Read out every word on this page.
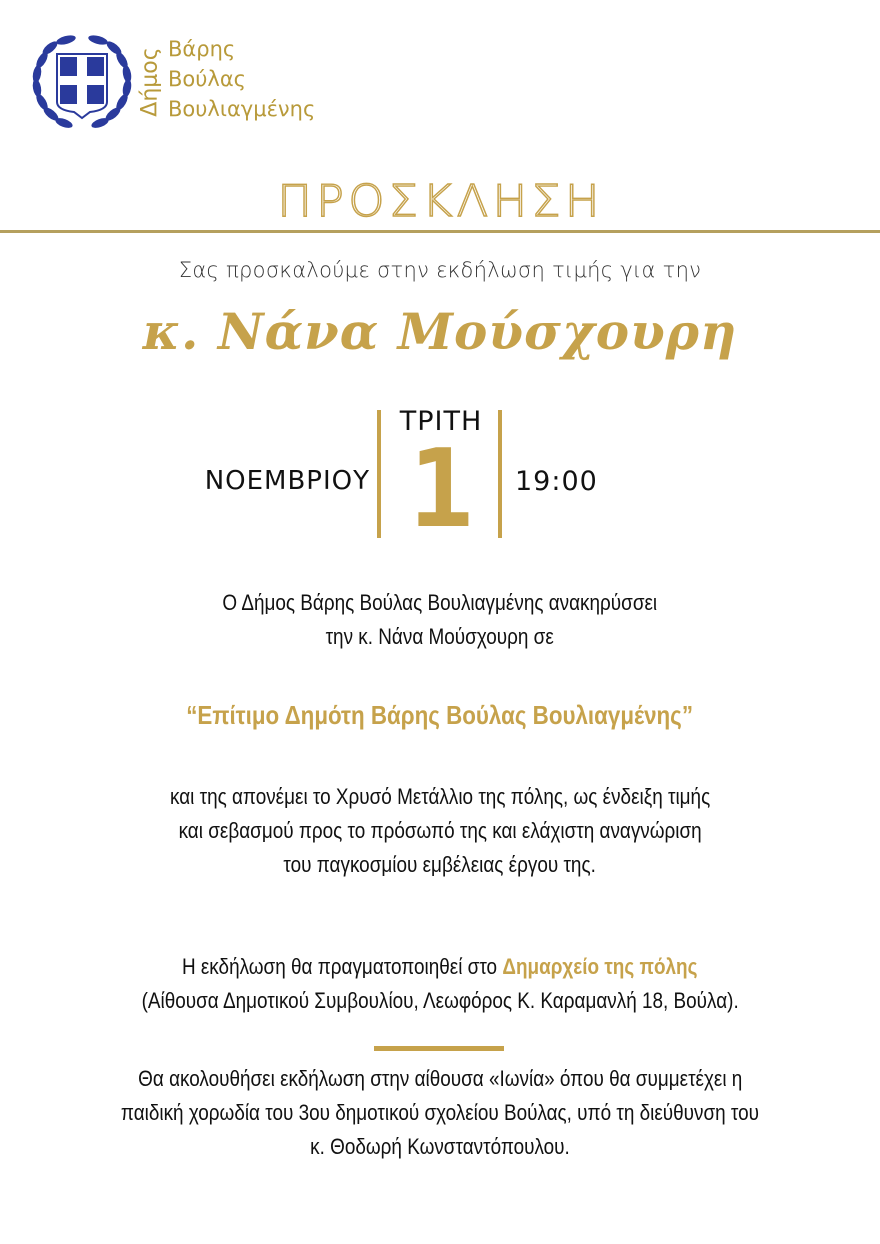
Δήμος Βάρης
Βούλας
Βουλιαγμένης
ΠΡΟΣΚΛΗΣΗ
Σας προσκαλούμε στην εκδήλωση τιμής για την
κ. Νάνα Μούσχουρη
ΝΟΕΜΒΡΙΟΥ
ΤΡΙΤΗ
1	19:00
Ο Δήμος Βάρης Βούλας Βουλιαγμένης ανακηρύσσει
την κ. Νάνα Μούσχουρη σε
“Επίτιμο Δημότη Βάρης Βούλας Βουλιαγμένης”
και της απονέμει το Χρυσό Μετάλλιο της πόλης, ως ένδειξη τιμής
και σεβασμού προς το πρόσωπό της και ελάχιστη αναγνώριση
του παγκοσμίου εμβέλειας έργου της.
Η εκδήλωση θα πραγματοποιηθεί στο Δημαρχείο της πόλης
(Αίθουσα Δημοτικού Συμβουλίου, Λεωφόρος Κ. Καραμανλή 18, Βούλα).
Θα ακολουθήσει εκδήλωση στην αίθουσα «Ιωνία» όπου θα συμμετέχει η
παιδική χορωδία του 3ου δημοτικού σχολείου Βούλας, υπό τη διεύθυνση του
κ. Θοδωρή Κωνσταντόπουλου.
